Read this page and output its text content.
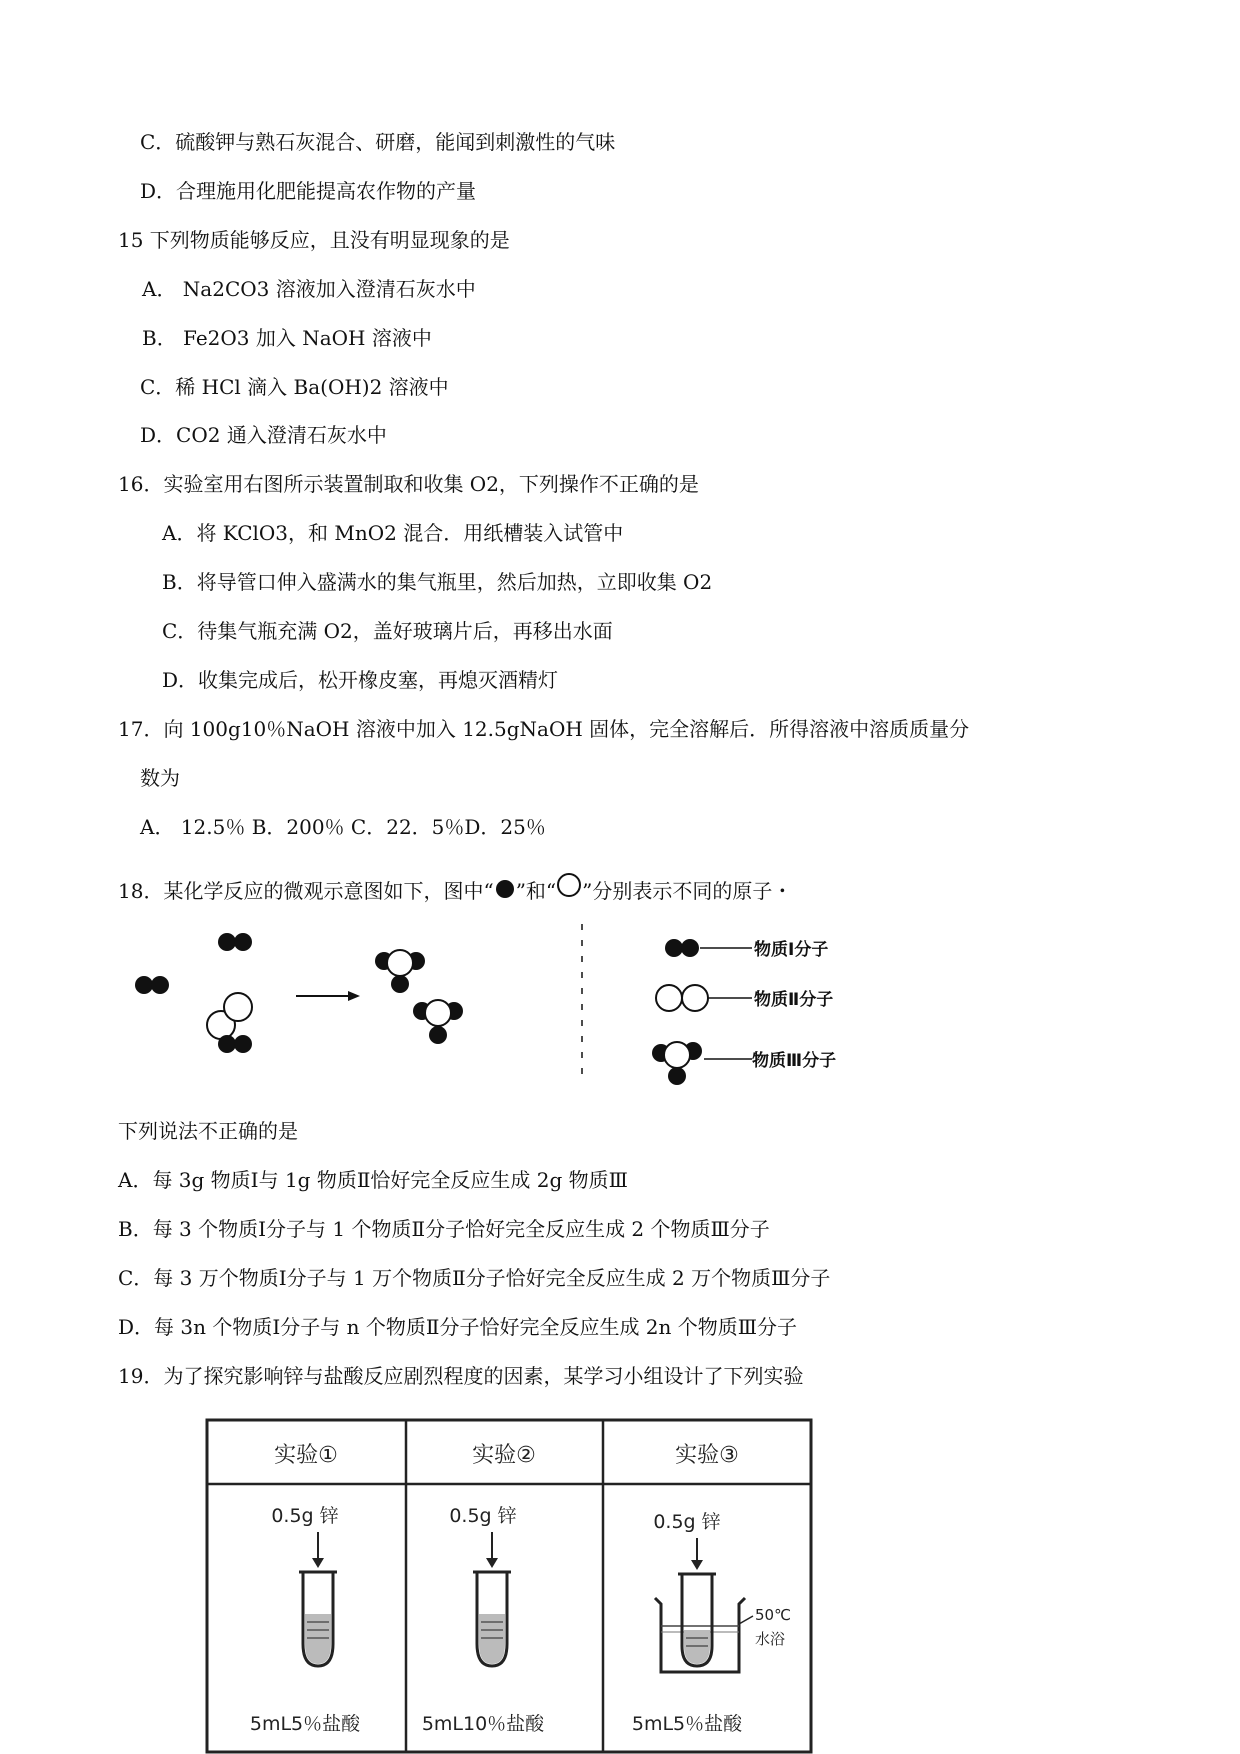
C．硫酸钾与熟石灰混合、研磨，能闻到刺激性的气味
D．合理施用化肥能提高农作物的产量
15 下列物质能够反应，且没有明显现象的是
A． Na2CO3 溶液加入澄清石灰水中
B． Fe2O3 加入 NaOH 溶液中
C．稀 HCl 滴入 Ba(OH)2 溶液中
D．CO2 通入澄清石灰水中
16．实验室用右图所示装置制取和收集 O2，下列操作不正确的是
A．将 KClO3，和 MnO2 混合．用纸槽装入试管中
B．将导管口伸入盛满水的集气瓶里，然后加热，立即收集 O2
C．待集气瓶充满 O2，盖好玻璃片后，再移出水面
D．收集完成后，松开橡皮塞，再熄灭酒精灯
17．向 100g10％NaOH 溶液中加入 12.5gNaOH 固体，完全溶解后．所得溶液中溶质质量分
数为
A． 12.5％ B．200％ C．22．5％D．25％
18．某化学反应的微观示意图如下，图中“ ”和“ ”分别表示不同的原子・
物质Ⅰ分子
物质Ⅱ分子
物质Ⅲ分子
下列说法不正确的是
A．每 3g 物质Ⅰ与 1g 物质Ⅱ恰好完全反应生成 2g 物质Ⅲ
B．每 3 个物质Ⅰ分子与 1 个物质Ⅱ分子恰好完全反应生成 2 个物质Ⅲ分子
C．每 3 万个物质Ⅰ分子与 1 万个物质Ⅱ分子恰好完全反应生成 2 万个物质Ⅲ分子
D．每 3n 个物质Ⅰ分子与 n 个物质Ⅱ分子恰好完全反应生成 2n 个物质Ⅲ分子
19．为了探究影响锌与盐酸反应剧烈程度的因素，某学习小组设计了下列实验
实验①	实验②	实验③
0.5g 锌
5mL5％盐酸
0.5g 锌
5mL10％盐酸
0.5g 锌
50℃
水浴
5mL5％盐酸
